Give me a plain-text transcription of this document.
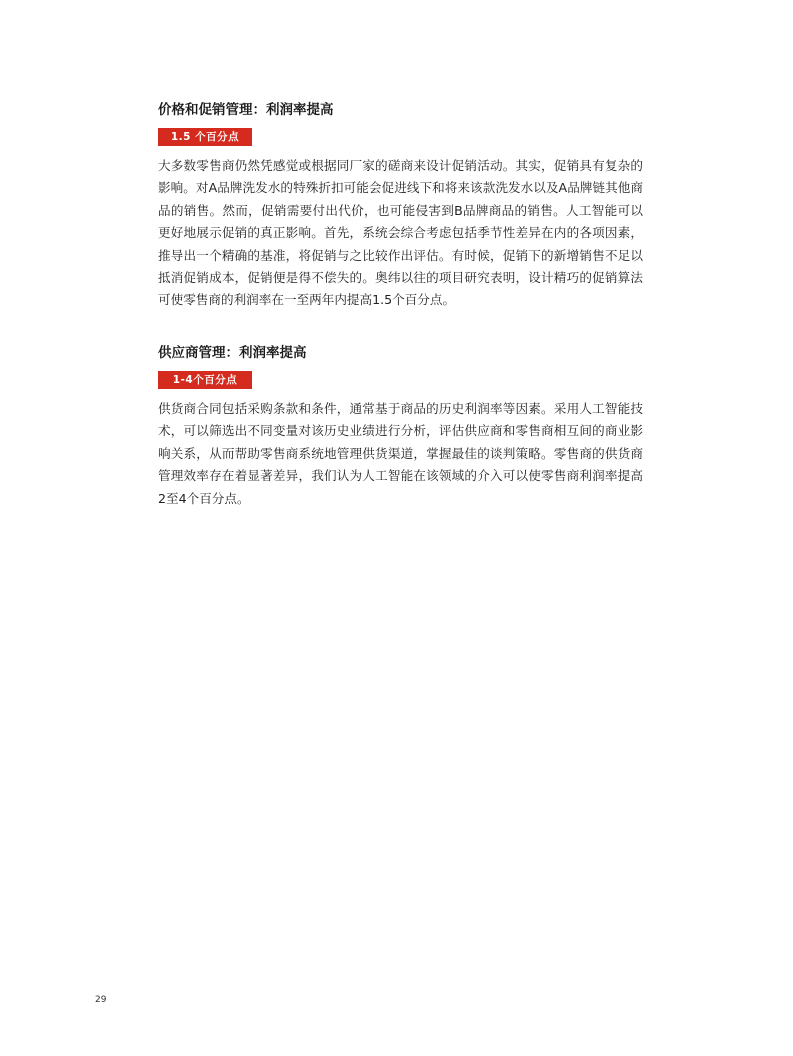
价格和促销管理：利润率提高
1.5 个百分点

大多数零售商仍然凭感觉或根据同厂家的磋商来设计促销活动。其实，促销具有复杂的影响。对A品牌洗发水的特殊折扣可能会促进线下和将来该款洗发水以及A品牌链其他商品的销售。然而，促销需要付出代价，也可能侵害到B品牌商品的销售。人工智能可以更好地展示促销的真正影响。首先，系统会综合考虑包括季节性差异在内的各项因素，推导出一个精确的基准，将促销与之比较作出评估。有时候，促销下的新增销售不足以抵消促销成本，促销便是得不偿失的。奥纬以往的项目研究表明，设计精巧的促销算法可使零售商的利润率在一至两年内提高1.5个百分点。

供应商管理：利润率提高
1-4个百分点

供货商合同包括采购条款和条件，通常基于商品的历史利润率等因素。采用人工智能技术，可以筛选出不同变量对该历史业绩进行分析，评估供应商和零售商相互间的商业影响关系，从而帮助零售商系统地管理供货渠道，掌握最佳的谈判策略。零售商的供货商管理效率存在着显著差异，我们认为人工智能在该领域的介入可以使零售商利润率提高2至4个百分点。

29
